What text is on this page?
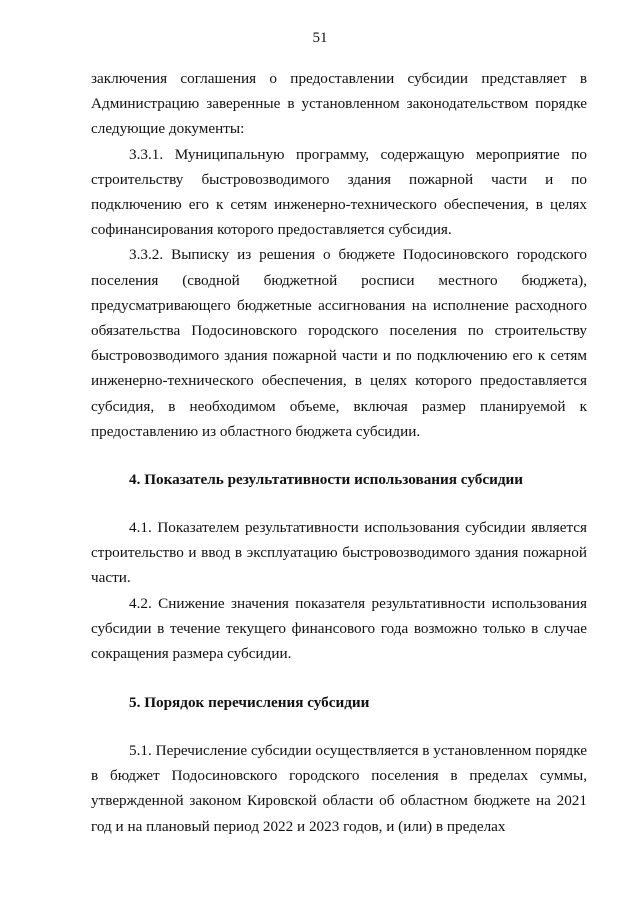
51

заключения соглашения о предоставлении субсидии представляет в Администрацию заверенные в установленном законодательством порядке следующие документы:

3.3.1. Муниципальную программу, содержащую мероприятие по строительству быстровозводимого здания пожарной части и по подключению его к сетям инженерно-технического обеспечения, в целях софинансирования которого предоставляется субсидия.

3.3.2. Выписку из решения о бюджете Подосиновского городского поселения (сводной бюджетной росписи местного бюджета), предусматривающего бюджетные ассигнования на исполнение расходного обязательства Подосиновского городского поселения по строительству быстровозводимого здания пожарной части и по подключению его к сетям инженерно-технического обеспечения, в целях которого предоставляется субсидия, в необходимом объеме, включая размер планируемой к предоставлению из областного бюджета субсидии.

4. Показатель результативности использования субсидии

4.1. Показателем результативности использования субсидии является строительство и ввод в эксплуатацию быстровозводимого здания пожарной части.

4.2. Снижение значения показателя результативности использования субсидии в течение текущего финансового года возможно только в случае сокращения размера субсидии.

5. Порядок перечисления субсидии

5.1. Перечисление субсидии осуществляется в установленном порядке в бюджет Подосиновского городского поселения в пределах суммы, утвержденной законом Кировской области об областном бюджете на 2021 год и на плановый период 2022 и 2023 годов, и (или) в пределах
